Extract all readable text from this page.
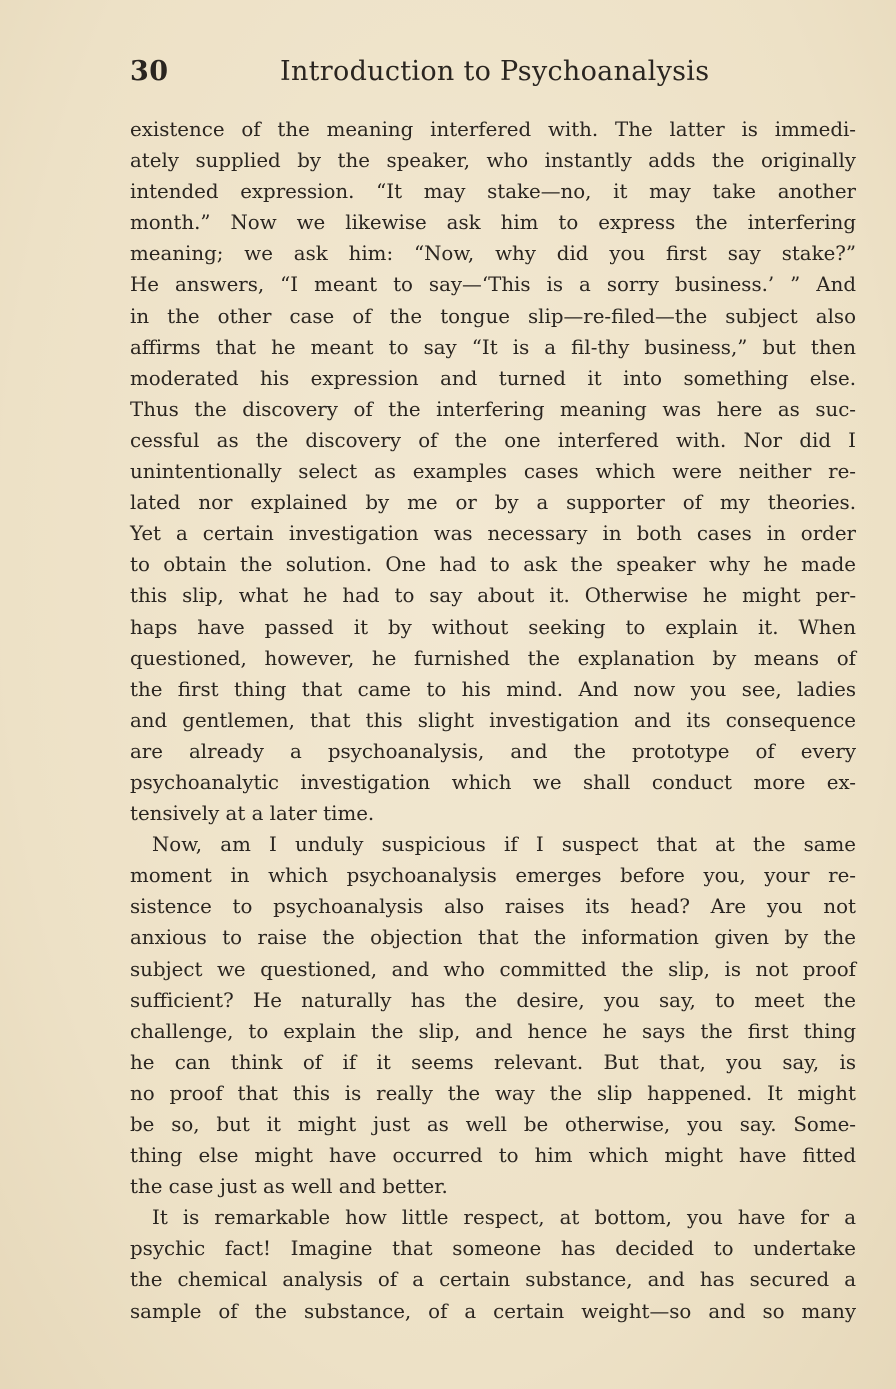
30	Introduction to Psychoanalysis
existence of the meaning interfered with. The latter is immedi-
ately supplied by the speaker, who instantly adds the originally
intended expression. “It may stake—no, it may take another
month.” Now we likewise ask him to express the interfering
meaning; we ask him: “Now, why did you first say stake?”
He answers, “I meant to say—‘This is a sorry business.’ ” And
in the other case of the tongue slip—re-filed—the subject also
affirms that he meant to say “It is a fil-thy business,” but then
moderated his expression and turned it into something else.
Thus the discovery of the interfering meaning was here as suc-
cessful as the discovery of the one interfered with. Nor did I
unintentionally select as examples cases which were neither re-
lated nor explained by me or by a supporter of my theories.
Yet a certain investigation was necessary in both cases in order
to obtain the solution. One had to ask the speaker why he made
this slip, what he had to say about it. Otherwise he might per-
haps have passed it by without seeking to explain it. When
questioned, however, he furnished the explanation by means of
the first thing that came to his mind. And now you see, ladies
and gentlemen, that this slight investigation and its consequence
are already a psychoanalysis, and the prototype of every
psychoanalytic investigation which we shall conduct more ex-
tensively at a later time.
Now, am I unduly suspicious if I suspect that at the same
moment in which psychoanalysis emerges before you, your re-
sistence to psychoanalysis also raises its head? Are you not
anxious to raise the objection that the information given by the
subject we questioned, and who committed the slip, is not proof
sufficient? He naturally has the desire, you say, to meet the
challenge, to explain the slip, and hence he says the first thing
he can think of if it seems relevant. But that, you say, is
no proof that this is really the way the slip happened. It might
be so, but it might just as well be otherwise, you say. Some-
thing else might have occurred to him which might have fitted
the case just as well and better.
It is remarkable how little respect, at bottom, you have for a
psychic fact! Imagine that someone has decided to undertake
the chemical analysis of a certain substance, and has secured a
sample of the substance, of a certain weight—so and so many
